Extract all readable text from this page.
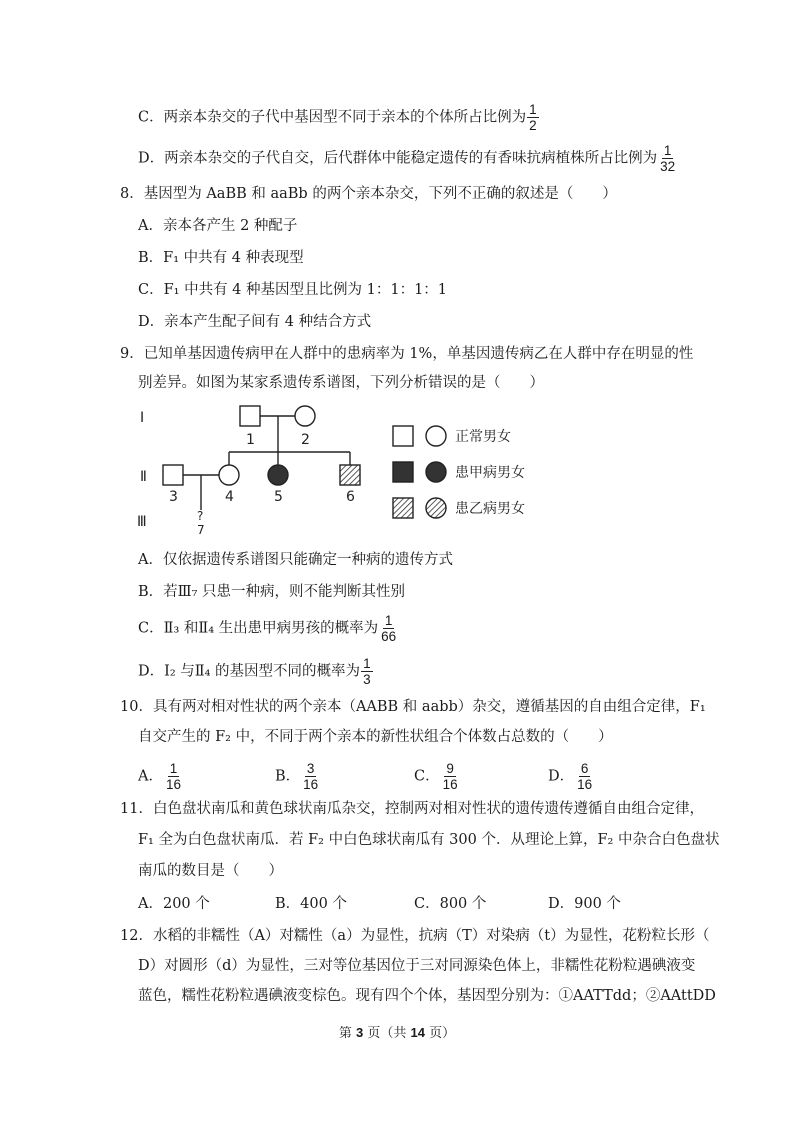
C．两亲本杂交的子代中基因型不同于亲本的个体所占比例为 $\frac{1}{2}$
D．两亲本杂交的子代自交，后代群体中能稳定遗传的有香味抗病植株所占比例为 $\frac{1}{32}$
8．基因型为 AaBB 和 aaBb 的两个亲本杂交，下列不正确的叙述是（　　）
A．亲本各产生 2 种配子
B．F₁ 中共有 4 种表现型
C．F₁ 中共有 4 种基因型且比例为 1：1：1：1
D．亲本产生配子间有 4 种结合方式
9．已知单基因遗传病甲在人群中的患病率为 1%，单基因遗传病乙在人群中存在明显的性
别差异。如图为某家系遗传系谱图，下列分析错误的是（　　）
Ⅰ
Ⅱ
Ⅲ
1	2
3	4	5	6
?
7
正常男女
患甲病男女
患乙病男女
A．仅依据遗传系谱图只能确定一种病的遗传方式
B．若Ⅲ₇ 只患一种病，则不能判断其性别
C．Ⅱ₃ 和Ⅱ₄ 生出患甲病男孩的概率为 $\frac{1}{66}$
D．Ⅰ₂ 与Ⅱ₄ 的基因型不同的概率为 $\frac{1}{3}$
10．具有两对相对性状的两个亲本（AABB 和 aabb）杂交，遵循基因的自由组合定律，F₁
自交产生的 F₂ 中，不同于两个亲本的新性状组合个体数占总数的（　　）
A． $\frac{1}{16}$	B． $\frac{3}{16}$	C． $\frac{9}{16}$	D． $\frac{6}{16}$
11．白色盘状南瓜和黄色球状南瓜杂交，控制两对相对性状的遗传遗传遵循自由组合定律，
F₁ 全为白色盘状南瓜．若 F₂ 中白色球状南瓜有 300 个．从理论上算，F₂ 中杂合白色盘状
南瓜的数目是（　　）
A．200 个	B．400 个	C．800 个	D．900 个
12．水稻的非糯性（A）对糯性（a）为显性，抗病（T）对染病（t）为显性，花粉粒长形（
D）对圆形（d）为显性，三对等位基因位于三对同源染色体上，非糯性花粉粒遇碘液变
蓝色，糯性花粉粒遇碘液变棕色。现有四个个体，基因型分别为：①AATTdd；②AAttDD
第 3 页（共 14 页）
